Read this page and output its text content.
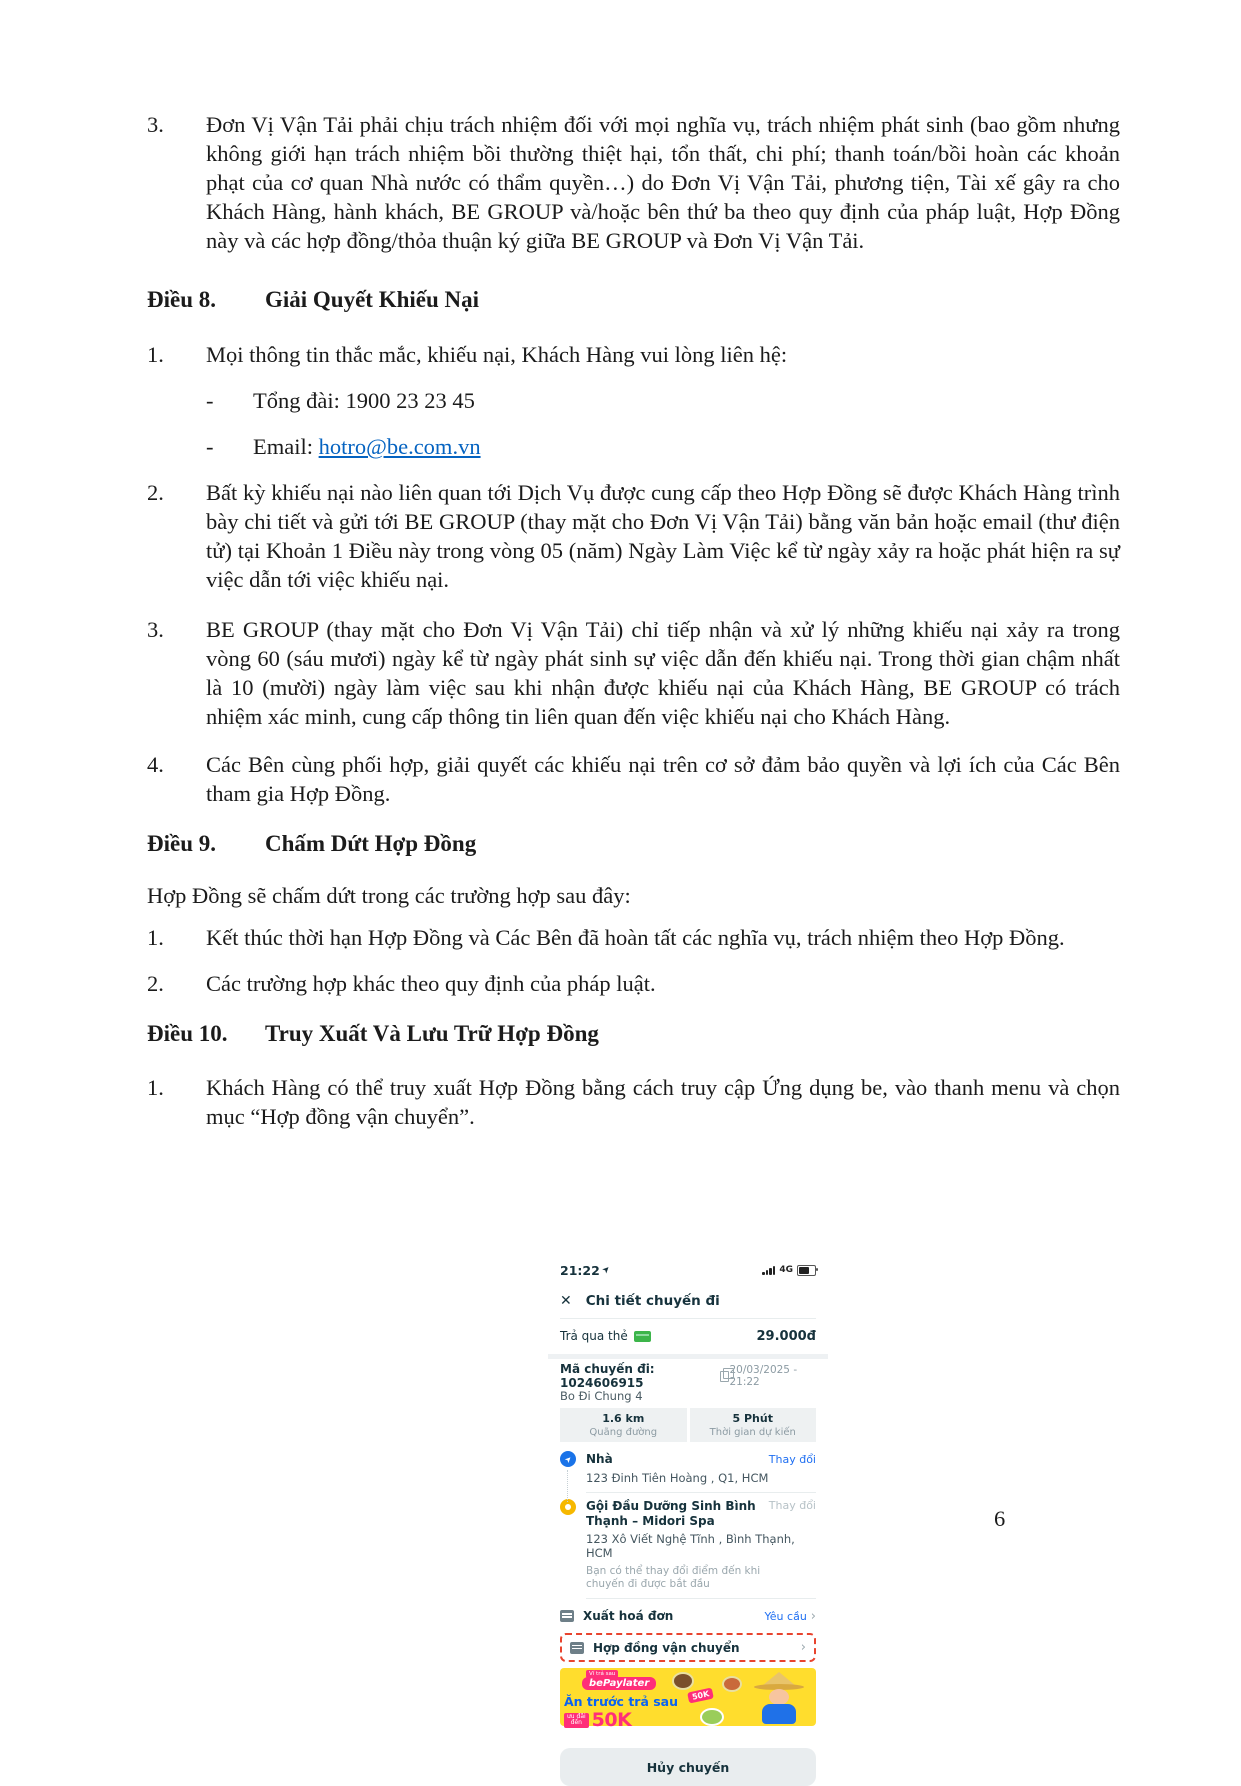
3.	Đơn Vị Vận Tải phải chịu trách nhiệm đối với mọi nghĩa vụ, trách nhiệm phát sinh (bao gồm nhưng không giới hạn trách nhiệm bồi thường thiệt hại, tổn thất, chi phí; thanh toán/bồi hoàn các khoản phạt của cơ quan Nhà nước có thẩm quyền…) do Đơn Vị Vận Tải, phương tiện, Tài xế gây ra cho Khách Hàng, hành khách, BE GROUP và/hoặc bên thứ ba theo quy định của pháp luật, Hợp Đồng này và các hợp đồng/thỏa thuận ký giữa BE GROUP và Đơn Vị Vận Tải.

Điều 8. Giải Quyết Khiếu Nại
1.	Mọi thông tin thắc mắc, khiếu nại, Khách Hàng vui lòng liên hệ:

-	Tổng đài: 1900 23 23 45

-	Email: hotro@be.com.vn

2.	Bất kỳ khiếu nại nào liên quan tới Dịch Vụ được cung cấp theo Hợp Đồng sẽ được Khách Hàng trình bày chi tiết và gửi tới BE GROUP (thay mặt cho Đơn Vị Vận Tải) bằng văn bản hoặc email (thư điện tử) tại Khoản 1 Điều này trong vòng 05 (năm) Ngày Làm Việc kể từ ngày xảy ra hoặc phát hiện ra sự việc dẫn tới việc khiếu nại.

3.	BE GROUP (thay mặt cho Đơn Vị Vận Tải) chỉ tiếp nhận và xử lý những khiếu nại xảy ra trong vòng 60 (sáu mươi) ngày kể từ ngày phát sinh sự việc dẫn đến khiếu nại. Trong thời gian chậm nhất là 10 (mười) ngày làm việc sau khi nhận được khiếu nại của Khách Hàng, BE GROUP có trách nhiệm xác minh, cung cấp thông tin liên quan đến việc khiếu nại cho Khách Hàng.

4.	Các Bên cùng phối hợp, giải quyết các khiếu nại trên cơ sở đảm bảo quyền và lợi ích của Các Bên tham gia Hợp Đồng.

Điều 9. Chấm Dứt Hợp Đồng

Hợp Đồng sẽ chấm dứt trong các trường hợp sau đây:

1.	Kết thúc thời hạn Hợp Đồng và Các Bên đã hoàn tất các nghĩa vụ, trách nhiệm theo Hợp Đồng.

2.	Các trường hợp khác theo quy định của pháp luật.

Điều 10. Truy Xuất Và Lưu Trữ Hợp Đồng
1.	Khách Hàng có thể truy xuất Hợp Đồng bằng cách truy cập Ứng dụng be, vào thanh menu và chọn mục “Hợp đồng vận chuyển”.

21:22 ➤	4G
✕ Chi tiết chuyến đi
Trả qua thẻ	29.000đ
Mã chuyến đi: 1024606915
20/03/2025 - 21:22
Bo Đi Chung 4
1.6 km
Quãng đường
5 Phút
Thời gian dự kiến
➤ Nhà	Thay đổi
123 Đinh Tiên Hoàng , Q1, HCM
Gội Đầu Dưỡng Sinh Bình Thạnh – Midori Spa
Thay đổi
123 Xô Viết Nghệ Tĩnh , Bình Thạnh, HCM
Bạn có thể thay đổi điểm đến khi chuyến đi được bắt đầu
Xuất hoá đơn	Yêu cầu ›
Hợp đồng vận chuyển	›
Ví trả sau
bePaylater
Ăn trước trả sau
ưu đãi
đến 50K
50K
Hủy chuyến
6
